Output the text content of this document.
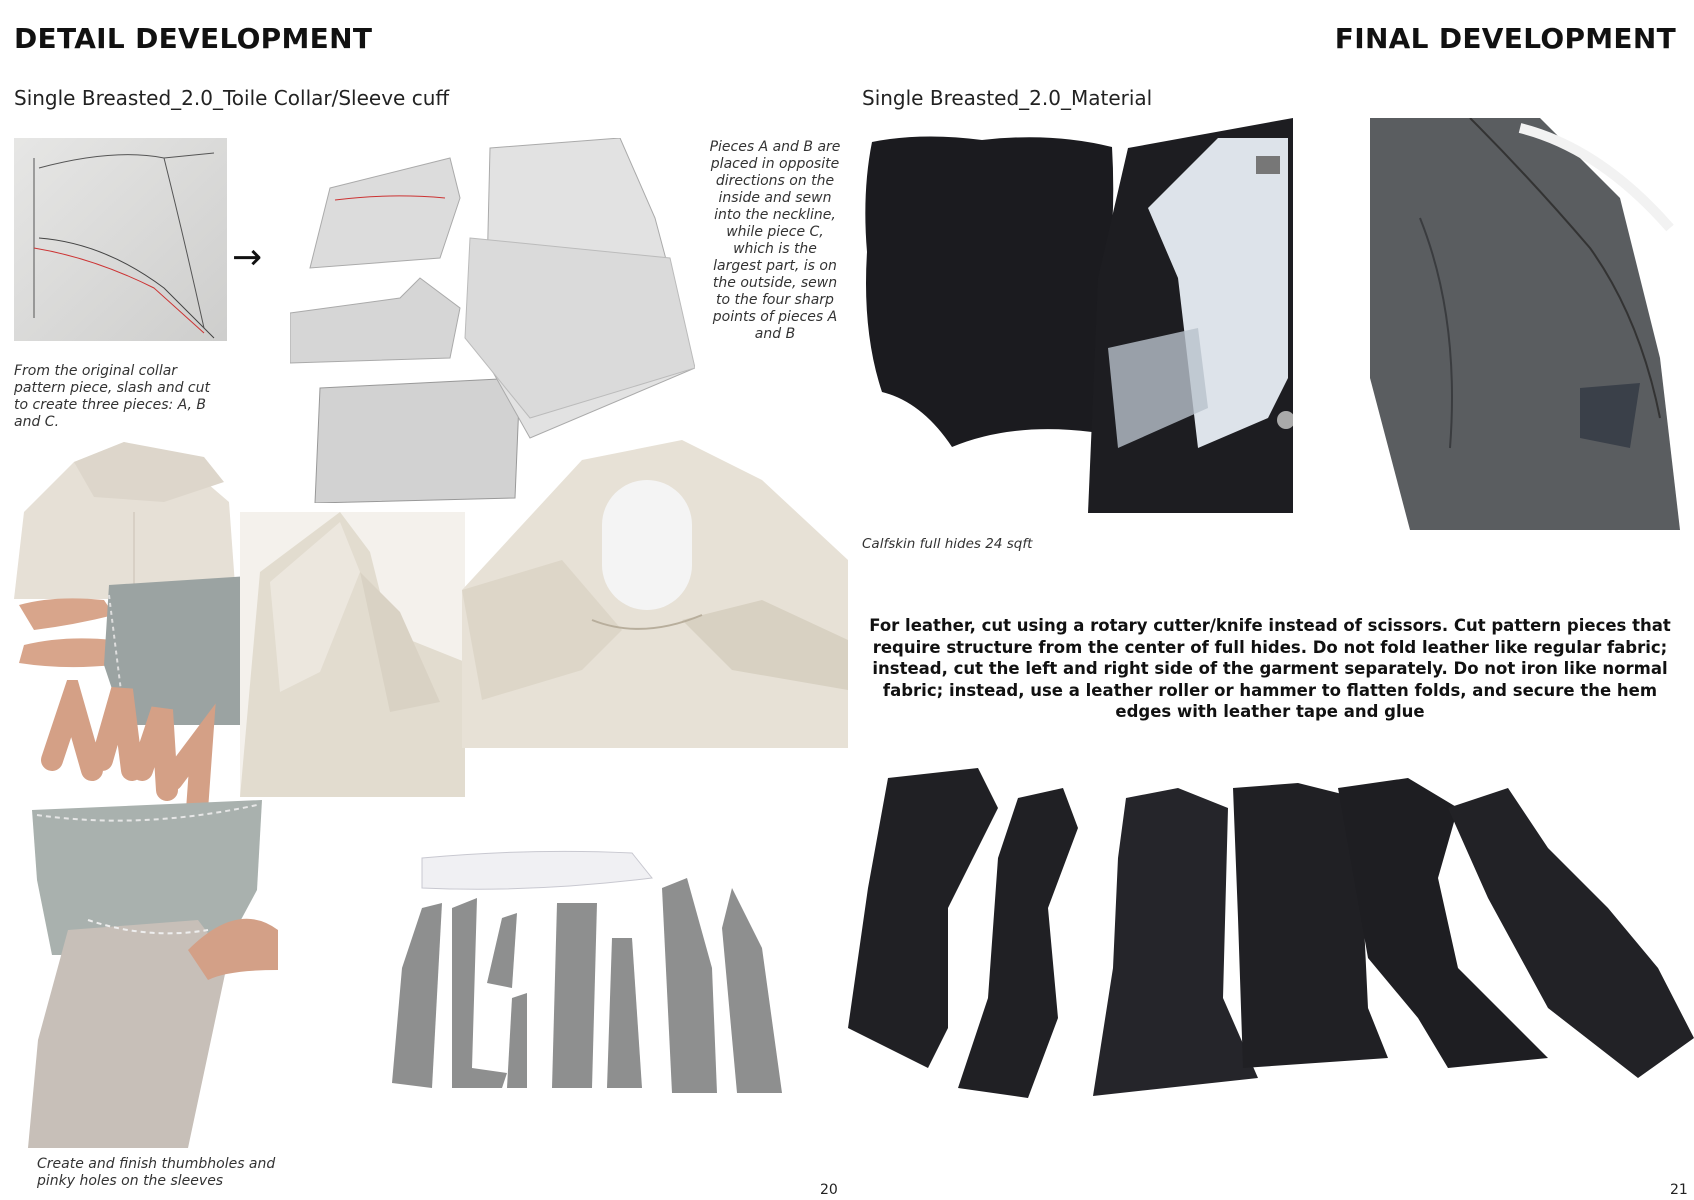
DETAIL DEVELOPMENT
Single Breasted_2.0_Toile Collar/Sleeve cuff
→
Pieces A and B are placed in opposite directions on the inside and sewn into the neckline, while piece C, which is the largest part, is on the outside, sewn to the four sharp points of pieces A and B
From the original collar pattern piece, slash and cut to create three pieces: A, B and C.
Create and finish thumbholes and pinky holes on the sleeves
20
FINAL DEVELOPMENT
Single Breasted_2.0_Material
Calfskin full hides 24 sqft
For leather, cut using a rotary cutter/knife instead of scissors. Cut pattern pieces that require structure from the center of full hides. Do not fold leather like regular fabric; instead, cut the left and right side of the garment separately. Do not iron like normal fabric; instead, use a leather roller or hammer to flatten folds, and secure the hem edges with leather tape and glue
21
